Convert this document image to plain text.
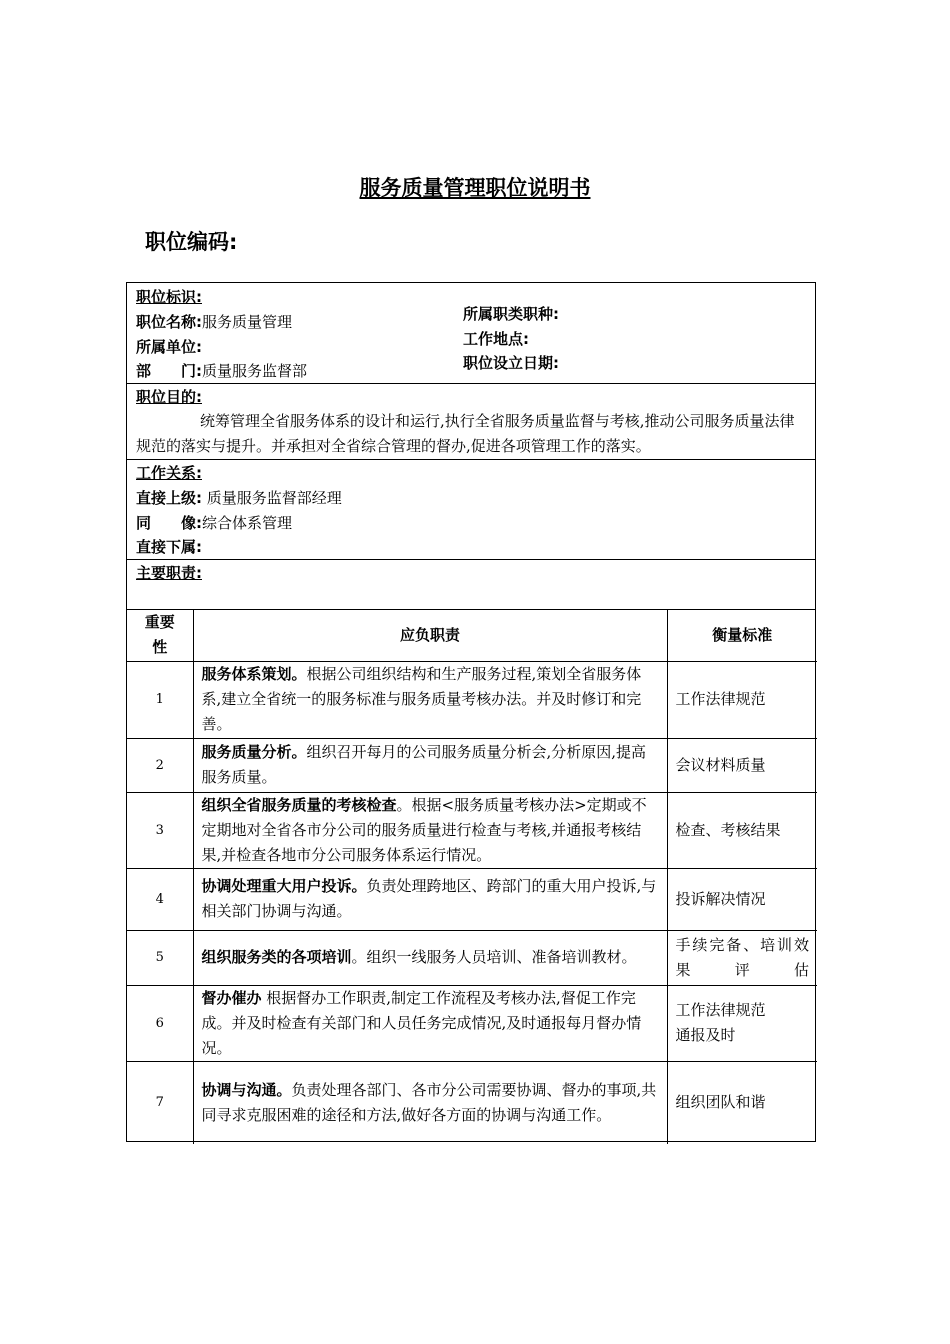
服务质量管理职位说明书
职位编码:
职位标识:
职位名称:服务质量管理
所属单位:
部　　门:质量服务监督部
所属职类职种:
工作地点:
职位设立日期:
职位目的:
统筹管理全省服务体系的设计和运行,执行全省服务质量监督与考核,推动公司服务质量法律规范的落实与提升。并承担对全省综合管理的督办,促进各项管理工作的落实。
工作关系:
直接上级: 质量服务监督部经理
同　　像:综合体系管理
直接下属:
主要职责:
重要性	应负职责	衡量标准
1	服务体系策划。根据公司组织结构和生产服务过程,策划全省服务体系,建立全省统一的服务标准与服务质量考核办法。并及时修订和完善。	工作法律规范
2	服务质量分析。组织召开每月的公司服务质量分析会,分析原因,提高服务质量。	会议材料质量
3	组织全省服务质量的考核检查。根据<服务质量考核办法>定期或不定期地对全省各市分公司的服务质量进行检查与考核,并通报考核结果,并检查各地市分公司服务体系运行情况。	检查、考核结果
4	协调处理重大用户投诉。负责处理跨地区、跨部门的重大用户投诉,与相关部门协调与沟通。	投诉解决情况
5	组织服务类的各项培训。组织一线服务人员培训、准备培训教材。	手续完备、培训效果评估
6	督办催办 根据督办工作职责,制定工作流程及考核办法,督促工作完成。并及时检查有关部门和人员任务完成情况,及时通报每月督办情况。	工作法律规范通报及时
7	协调与沟通。负责处理各部门、各市分公司需要协调、督办的事项,共同寻求克服困难的途径和方法,做好各方面的协调与沟通工作。	组织团队和谐
